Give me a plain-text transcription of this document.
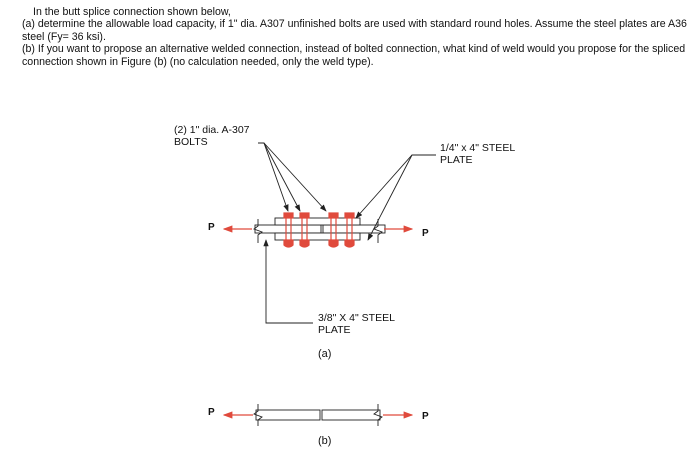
In the butt splice connection shown below,

(a) determine the allowable load capacity, if 1" dia. A307 unfinished bolts are used with standard round holes. Assume the steel plates are A36 steel (Fy= 36 ksi).

(b) If you want to propose an alternative welded connection, instead of bolted connection, what kind of weld would you propose for the spliced connection shown in Figure (b) (no calculation needed, only the weld type).

(2) 1" dia. A-307
BOLTS
1/4" x 4" STEEL
PLATE
3/8" X 4" STEEL
PLATE
P
P
(a)
P	P
(b)
